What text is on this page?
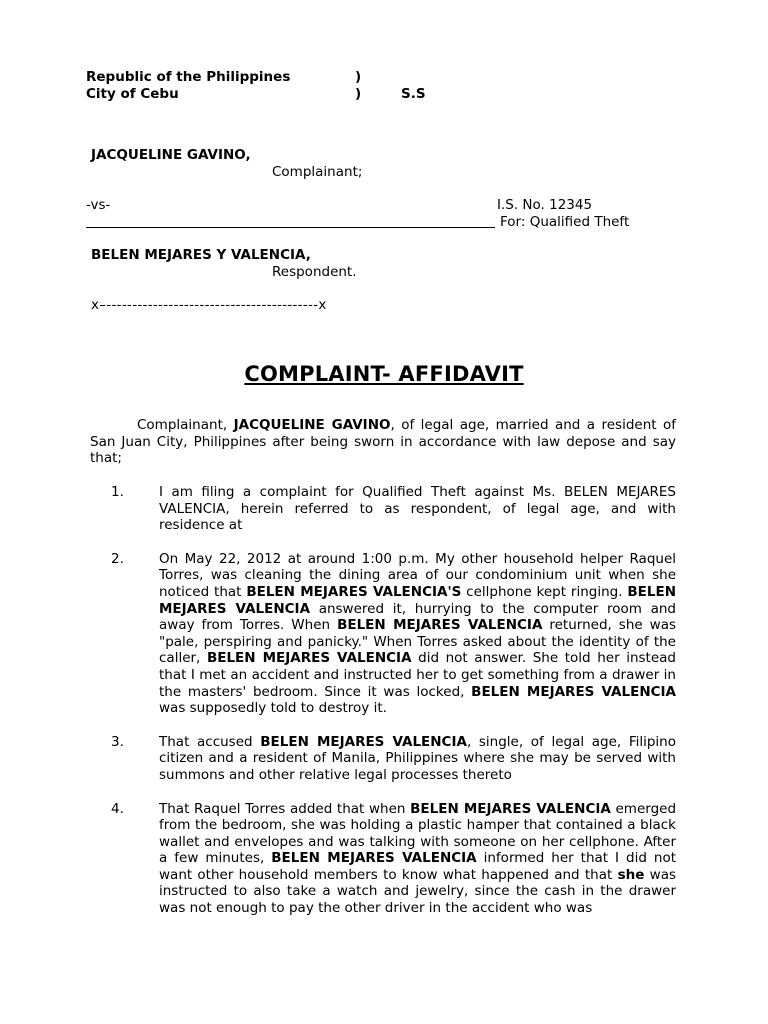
Republic of the Philippines	)
City of Cebu	)	S.S
JACQUELINE GAVINO,
Complainant;
-vs-	I.S. No. 12345
For: Qualified Theft
BELEN MEJARES Y VALENCIA,
Respondent.
x–-----------------------------------------x
COMPLAINT- AFFIDAVIT

Complainant, JACQUELINE GAVINO, of legal age, married and a resident of San Juan City, Philippines after being sworn in accordance with law depose and say that;

1.	I am filing a complaint for Qualified Theft against Ms. BELEN MEJARES VALENCIA, herein referred to as respondent, of legal age, and with residence at

2.	On May 22, 2012 at around 1:00 p.m. My other household helper Raquel Torres, was cleaning the dining area of our condominium unit when she noticed that BELEN MEJARES VALENCIA'S cellphone kept ringing. BELEN MEJARES VALENCIA answered it, hurrying to the computer room and away from Torres. When BELEN MEJARES VALENCIA returned, she was "pale, perspiring and panicky." When Torres asked about the identity of the caller, BELEN MEJARES VALENCIA did not answer. She told her instead that I met an accident and instructed her to get something from a drawer in the masters' bedroom. Since it was locked, BELEN MEJARES VALENCIA was supposedly told to destroy it.

3.	That accused BELEN MEJARES VALENCIA, single, of legal age, Filipino citizen and a resident of Manila, Philippines where she may be served with summons and other relative legal processes thereto

4.	That Raquel Torres added that when BELEN MEJARES VALENCIA emerged from the bedroom, she was holding a plastic hamper that contained a black wallet and envelopes and was talking with someone on her cellphone. After a few minutes, BELEN MEJARES VALENCIA informed her that I did not want other household members to know what happened and that she was instructed to also take a watch and jewelry, since the cash in the drawer was not enough to pay the other driver in the accident who was
